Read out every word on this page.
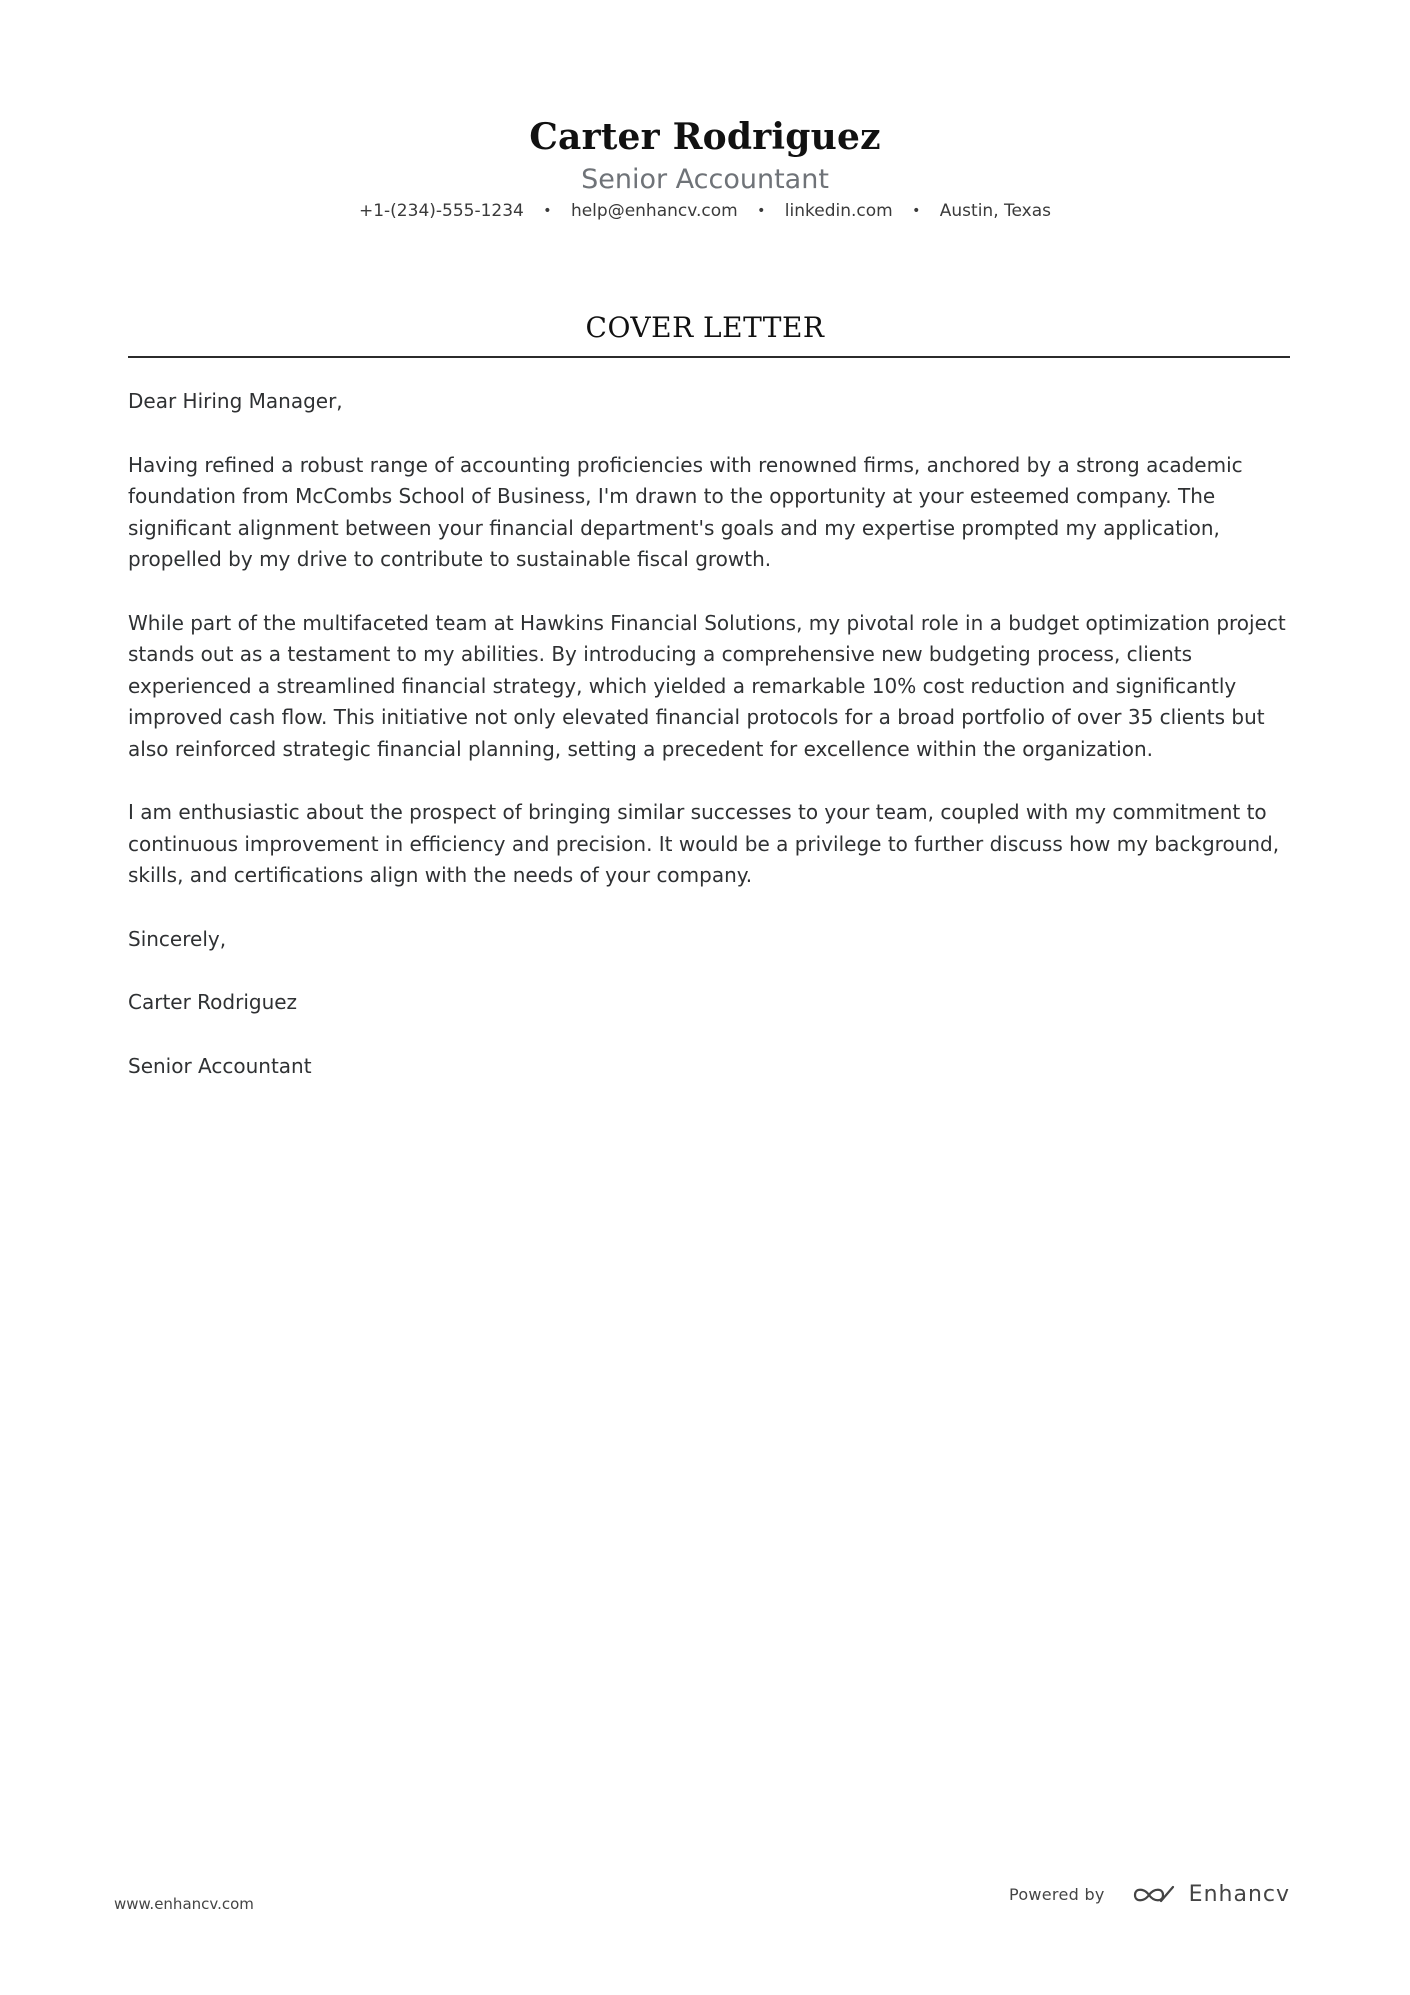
Carter Rodriguez
Senior Accountant
+1-(234)-555-1234 • help@enhancv.com • linkedin.com • Austin, Texas
COVER LETTER

Dear Hiring Manager,

Having refined a robust range of accounting proficiencies with renowned firms, anchored by a strong academic foundation from McCombs School of Business, I'm drawn to the opportunity at your esteemed company. The significant alignment between your financial department's goals and my expertise prompted my application, propelled by my drive to contribute to sustainable fiscal growth.

While part of the multifaceted team at Hawkins Financial Solutions, my pivotal role in a budget optimization project stands out as a testament to my abilities. By introducing a comprehensive new budgeting process, clients experienced a streamlined financial strategy, which yielded a remarkable 10% cost reduction and significantly improved cash flow. This initiative not only elevated financial protocols for a broad portfolio of over 35 clients but also reinforced strategic financial planning, setting a precedent for excellence within the organization.

I am enthusiastic about the prospect of bringing similar successes to your team, coupled with my commitment to continuous improvement in efficiency and precision. It would be a privilege to further discuss how my background, skills, and certifications align with the needs of your company.

Sincerely,

Carter Rodriguez

Senior Accountant

www.enhancv.com	Powered by	Enhancv
